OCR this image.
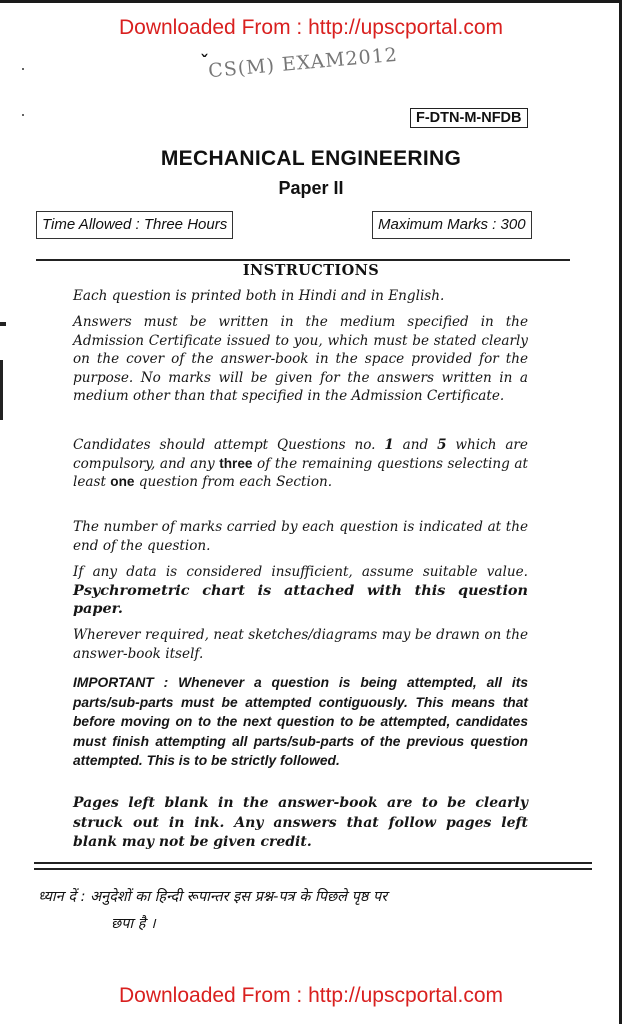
Downloaded From : http://upscportal.com
ˇ
CS(M) EXAM2012
F-DTN-M-NFDB
MECHANICAL ENGINEERING
Paper II
Time Allowed : Three Hours	Maximum Marks : 300
INSTRUCTIONS
Each question is printed both in Hindi and in English.
Answers must be written in the medium specified in the Admission Certificate issued to you, which must be stated clearly on the cover of the answer-book in the space provided for the purpose. No marks will be given for the answers written in a medium other than that specified in the Admission Certificate.
Candidates should attempt Questions no. 1 and 5 which are compulsory, and any three of the remaining questions selecting at least one question from each Section.
The number of marks carried by each question is indicated at the end of the question.
If any data is considered insufficient, assume suitable value. Psychrometric chart is attached with this question paper.
Wherever required, neat sketches/diagrams may be drawn on the answer-book itself.
IMPORTANT : Whenever a question is being attempted, all its parts/sub-parts must be attempted contiguously. This means that before moving on to the next question to be attempted, candidates must finish attempting all parts/sub-parts of the previous question attempted. This is to be strictly followed.
Pages left blank in the answer-book are to be clearly struck out in ink. Any answers that follow pages left blank may not be given credit.
ध्यान दें : अनुदेशों का हिन्दी रूपान्तर इस प्रश्न-पत्र के पिछले पृष्ठ पर
छपा है ।
Downloaded From : http://upscportal.com
